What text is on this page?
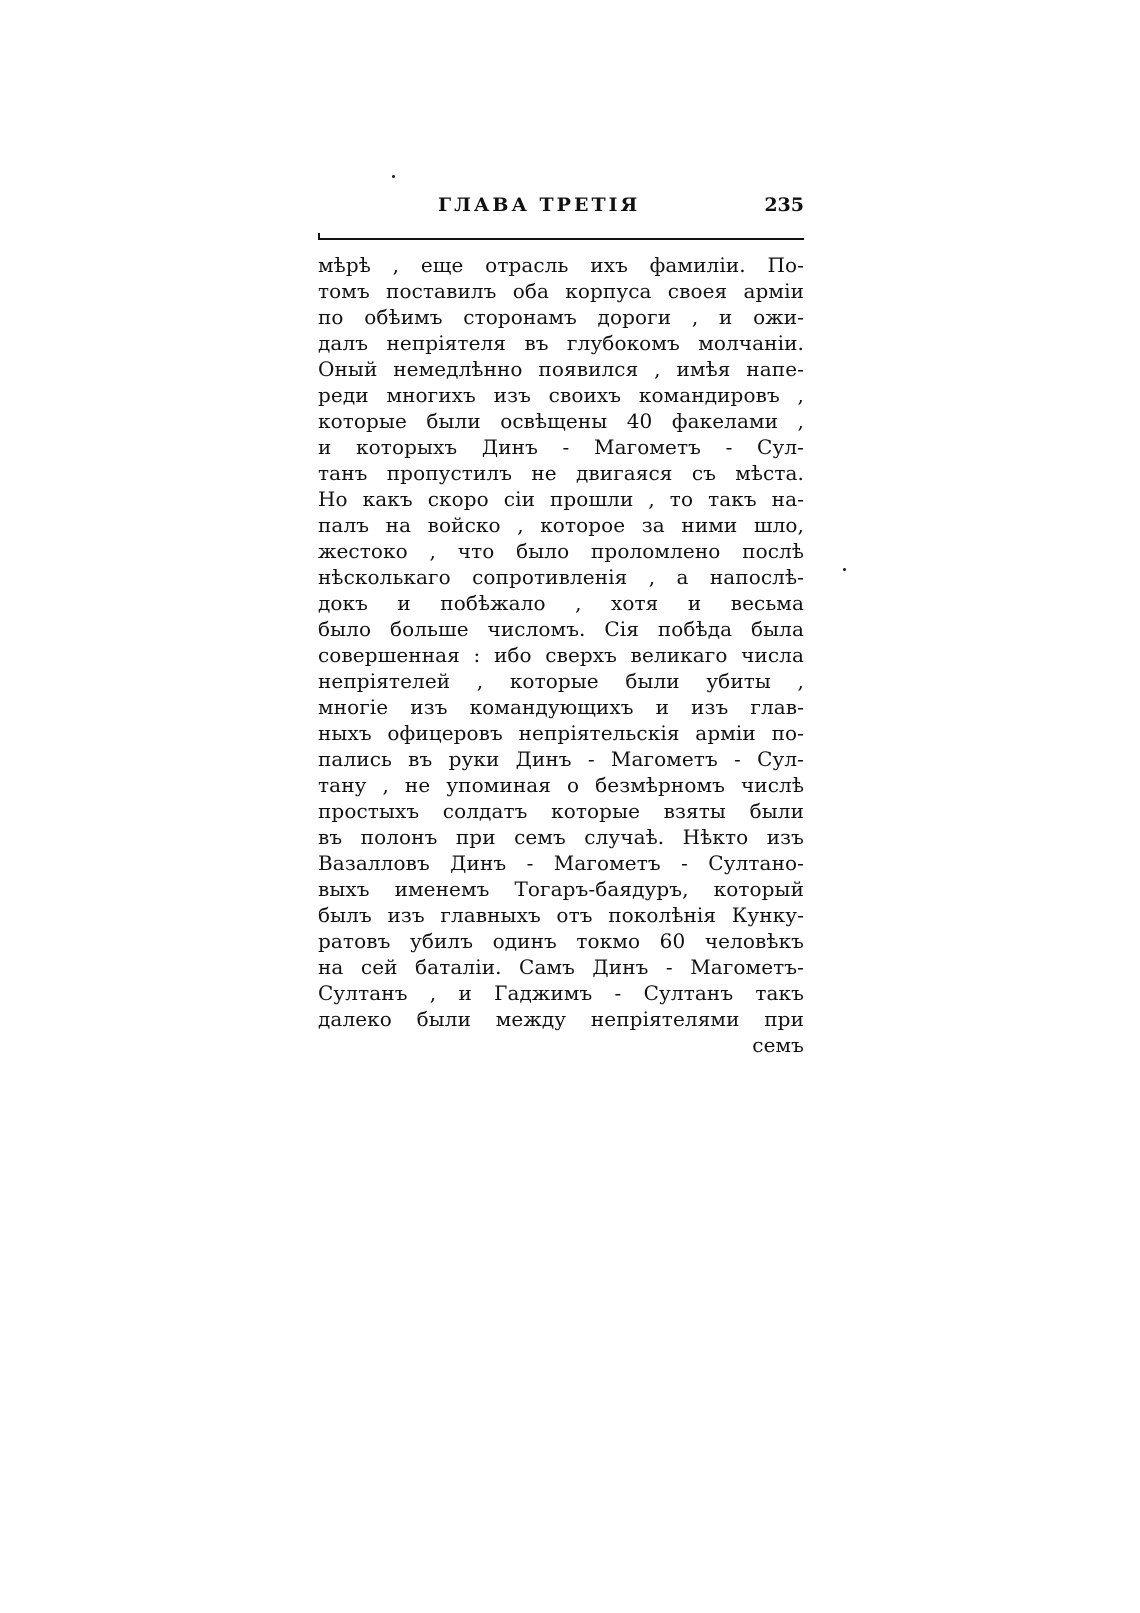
ГЛАВА ТРЕТІЯ	235
мѣрѣ , еще отрасль ихъ фамиліи. По-
томъ поставилъ оба корпуса своея арміи
по обѣимъ сторонамъ дороги , и ожи-
далъ непріятеля въ глубокомъ молчаніи.
Оный немедлѣнно появился , имѣя напе-
реди многихъ изъ своихъ командировъ ,
которые были освѣщены 40 факелами ,
и которыхъ Динъ - Магометъ - Сул-
танъ пропустилъ не двигаяся съ мѣста.
Но какъ скоро сіи прошли , то такъ на-
палъ на войско , которое за ними шло,
жестоко , что было проломлено послѣ
нѣсколькаго сопротивленія , а напослѣ-
докъ и побѣжало , хотя и весьма
было больше числомъ. Сія побѣда была
совершенная : ибо сверхъ великаго числа
непріятелей , которые были убиты ,
многіе изъ командующихъ и изъ глав-
ныхъ офицеровъ непріятельскія арміи по-
пались въ руки Динъ - Магометъ - Сул-
тану , не упоминая о безмѣрномъ числѣ
простыхъ солдатъ которые взяты были
въ полонъ при семъ случаѣ. Нѣкто изъ
Вазалловъ Динъ - Магометъ - Султано-
выхъ именемъ Тогаръ-баядуръ, который
былъ изъ главныхъ отъ поколѣнія Кунку-
ратовъ убилъ одинъ токмо 60 человѣкъ
на сей баталіи. Самъ Динъ - Магометъ-
Султанъ , и Гаджимъ - Султанъ такъ
далеко были между непріятелями при
семъ
